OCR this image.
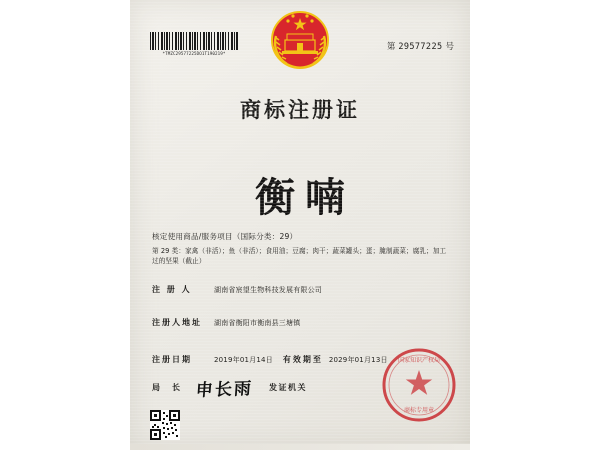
*TMZC29577225DO1T190219*
第 29577225 号
商标注册证
衡喃
核定使用商品/服务项目（国际分类：29）
第 29 类：家禽（非活）；鱼（非活）；食用油；豆腐；肉干；蔬菜罐头；蛋；腌制蔬菜；腐乳；加工过的坚果（截止）
注 册 人	湖南省宸望生物科技发展有限公司
注册人地址	湖南省衡阳市衡南县三塘镇
注册日期	2019年01月14日 有效期至 2029年01月13日
局　长 申长雨 发证机关
国家知识产权局
商标专用章
